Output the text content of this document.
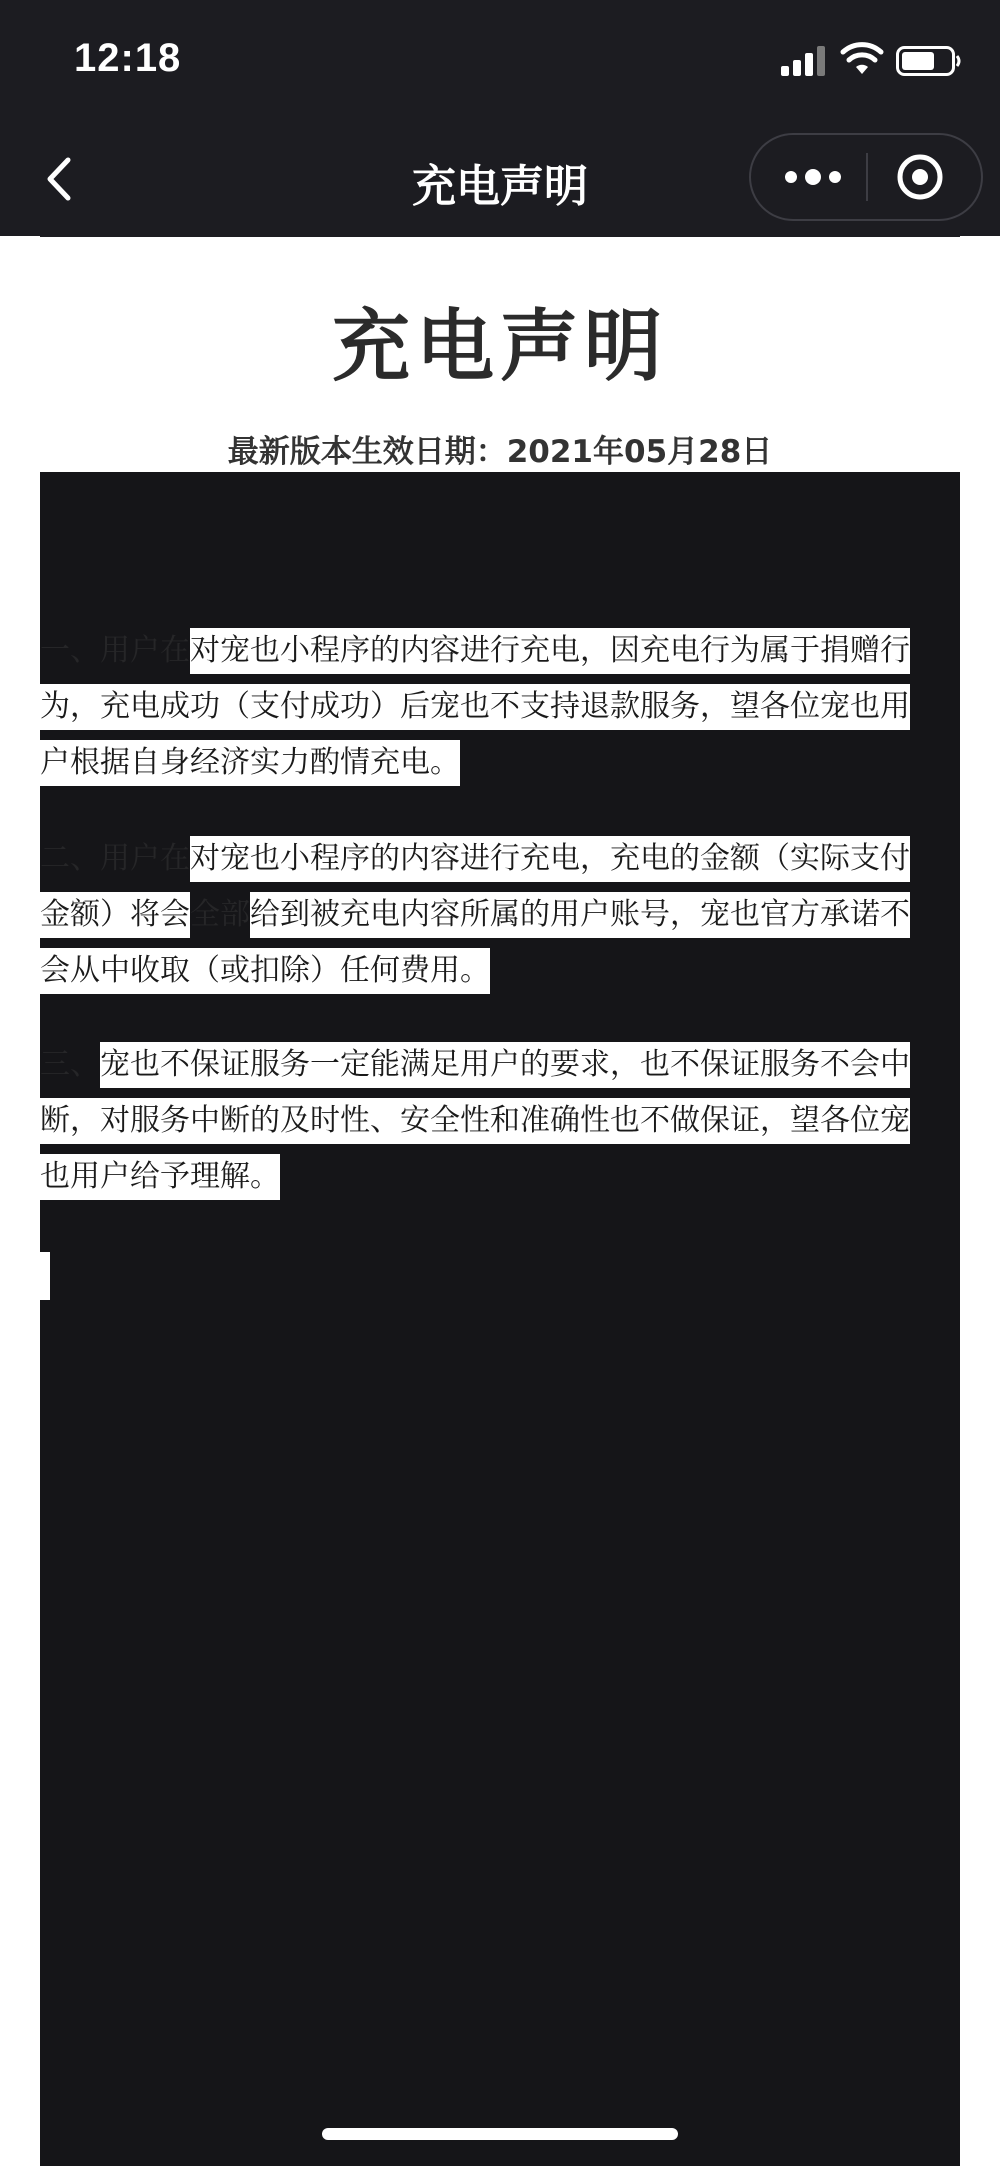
12:18
充电声明
充电声明
最新版本生效日期：2021年05月28日
一、用户在对宠也小程序的内容进行充电，因充电行为属于捐赠行
为，充电成功（支付成功）后宠也不支持退款服务，望各位宠也用
户根据自身经济实力酌情充电。
二、用户在对宠也小程序的内容进行充电，充电的金额（实际支付
金额）将会全部给到被充电内容所属的用户账号，宠也官方承诺不
会从中收取（或扣除）任何费用。
三、宠也不保证服务一定能满足用户的要求，也不保证服务不会中
断，对服务中断的及时性、安全性和准确性也不做保证，望各位宠
也用户给予理解。
